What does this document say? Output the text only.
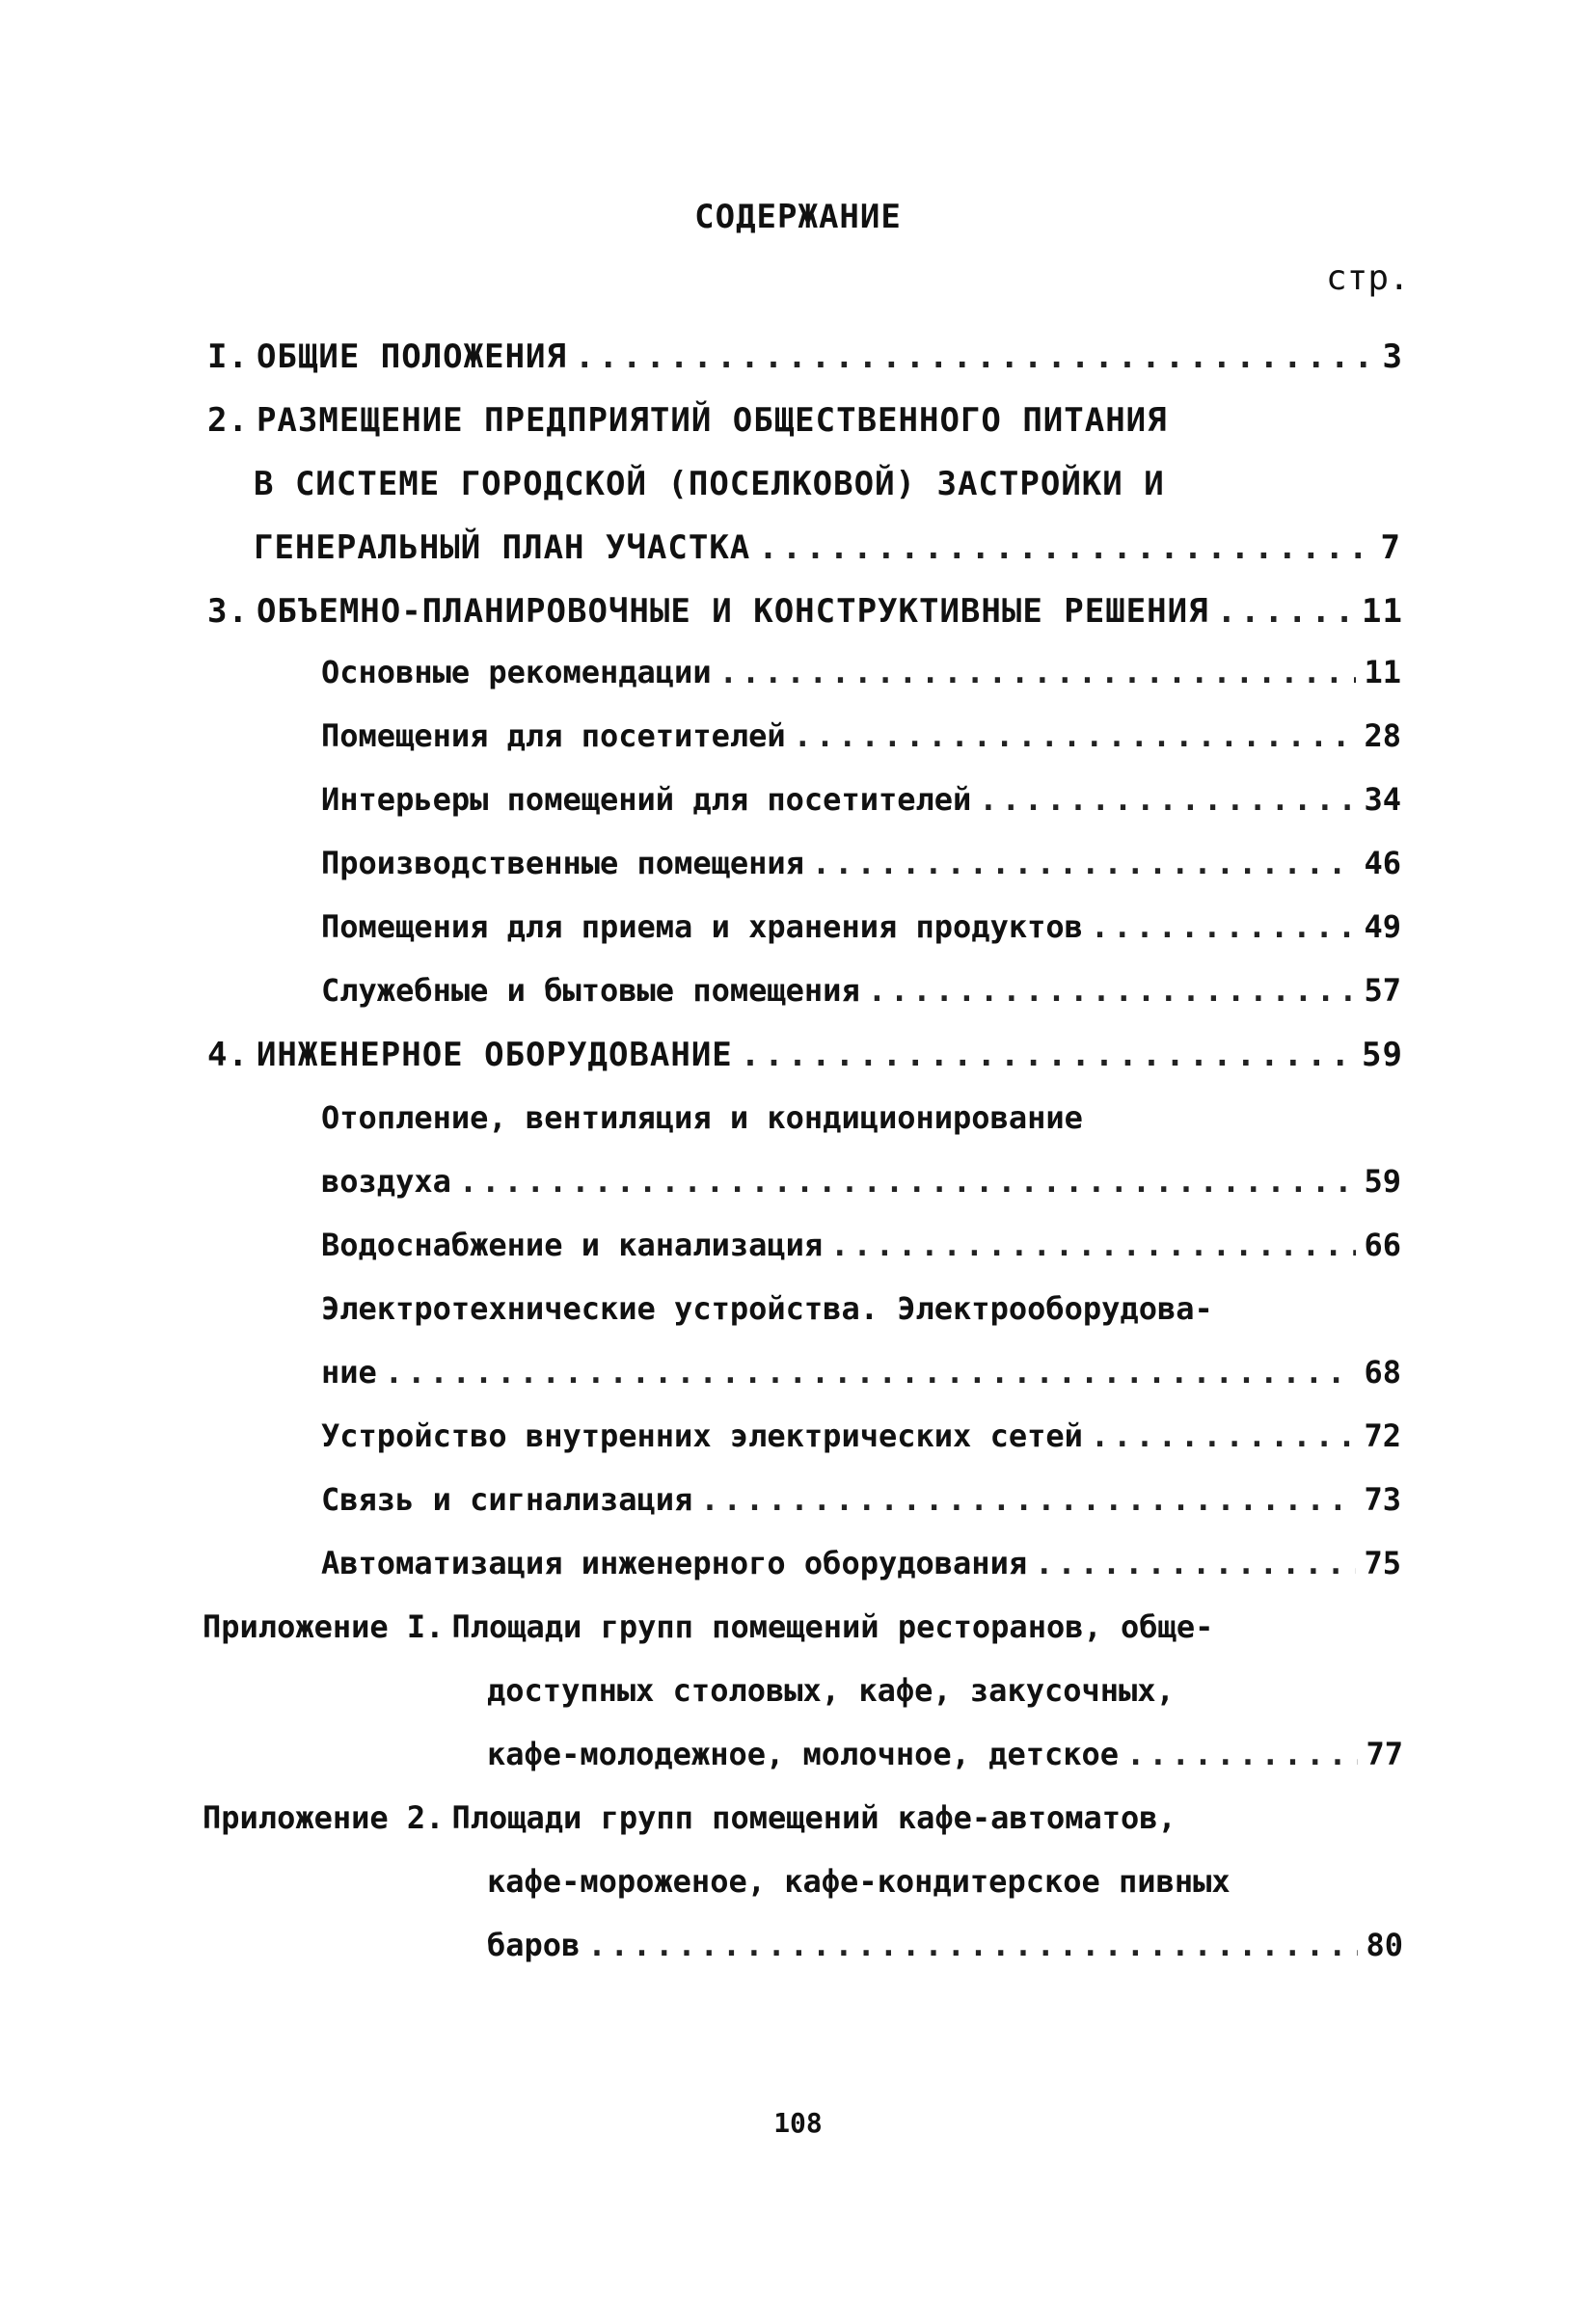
СОДЕРЖАНИЕ
стр.
I. ОБЩИЕ ПОЛОЖЕНИЯ .....	3
2. РАЗМЕЩЕНИЕ ПРЕДПРИЯТИЙ ОБЩЕСТВЕННОГО ПИТАНИЯ
В СИСТЕМЕ ГОРОДСКОЙ (ПОСЕЛКОВОЙ) ЗАСТРОЙКИ И
ГЕНЕРАЛЬНЫЙ ПЛАН УЧАСТКА .....	7
3. ОБЪЕМНО-ПЛАНИРОВОЧНЫЕ И КОНСТРУКТИВНЫЕ РЕШЕНИЯ .....	11
Основные рекомендации .....	11
Помещения для посетителей .....	28
Интерьеры помещений для посетителей .....	34
Производственные помещения .....	46
Помещения для приема и хранения продуктов .....	49
Служебные и бытовые помещения .....	57
4. ИНЖЕНЕРНОЕ ОБОРУДОВАНИЕ .....	59
Отопление, вентиляция и кондиционирование
воздуха .....	59
Водоснабжение и канализация .....	66
Электротехнические устройства. Электрооборудова-
ние .....	68
Устройство внутренних электрических сетей .....	72
Связь и сигнализация .....	73
Автоматизация инженерного оборудования .....	75
Приложение I. Площади групп помещений ресторанов, обще-
доступных столовых, кафе, закусочных,
кафе-молодежное, молочное, детское .....	77
Приложение 2. Площади групп помещений кафе-автоматов,
кафе-мороженое, кафе-кондитерское пивных
баров .....	80
108
